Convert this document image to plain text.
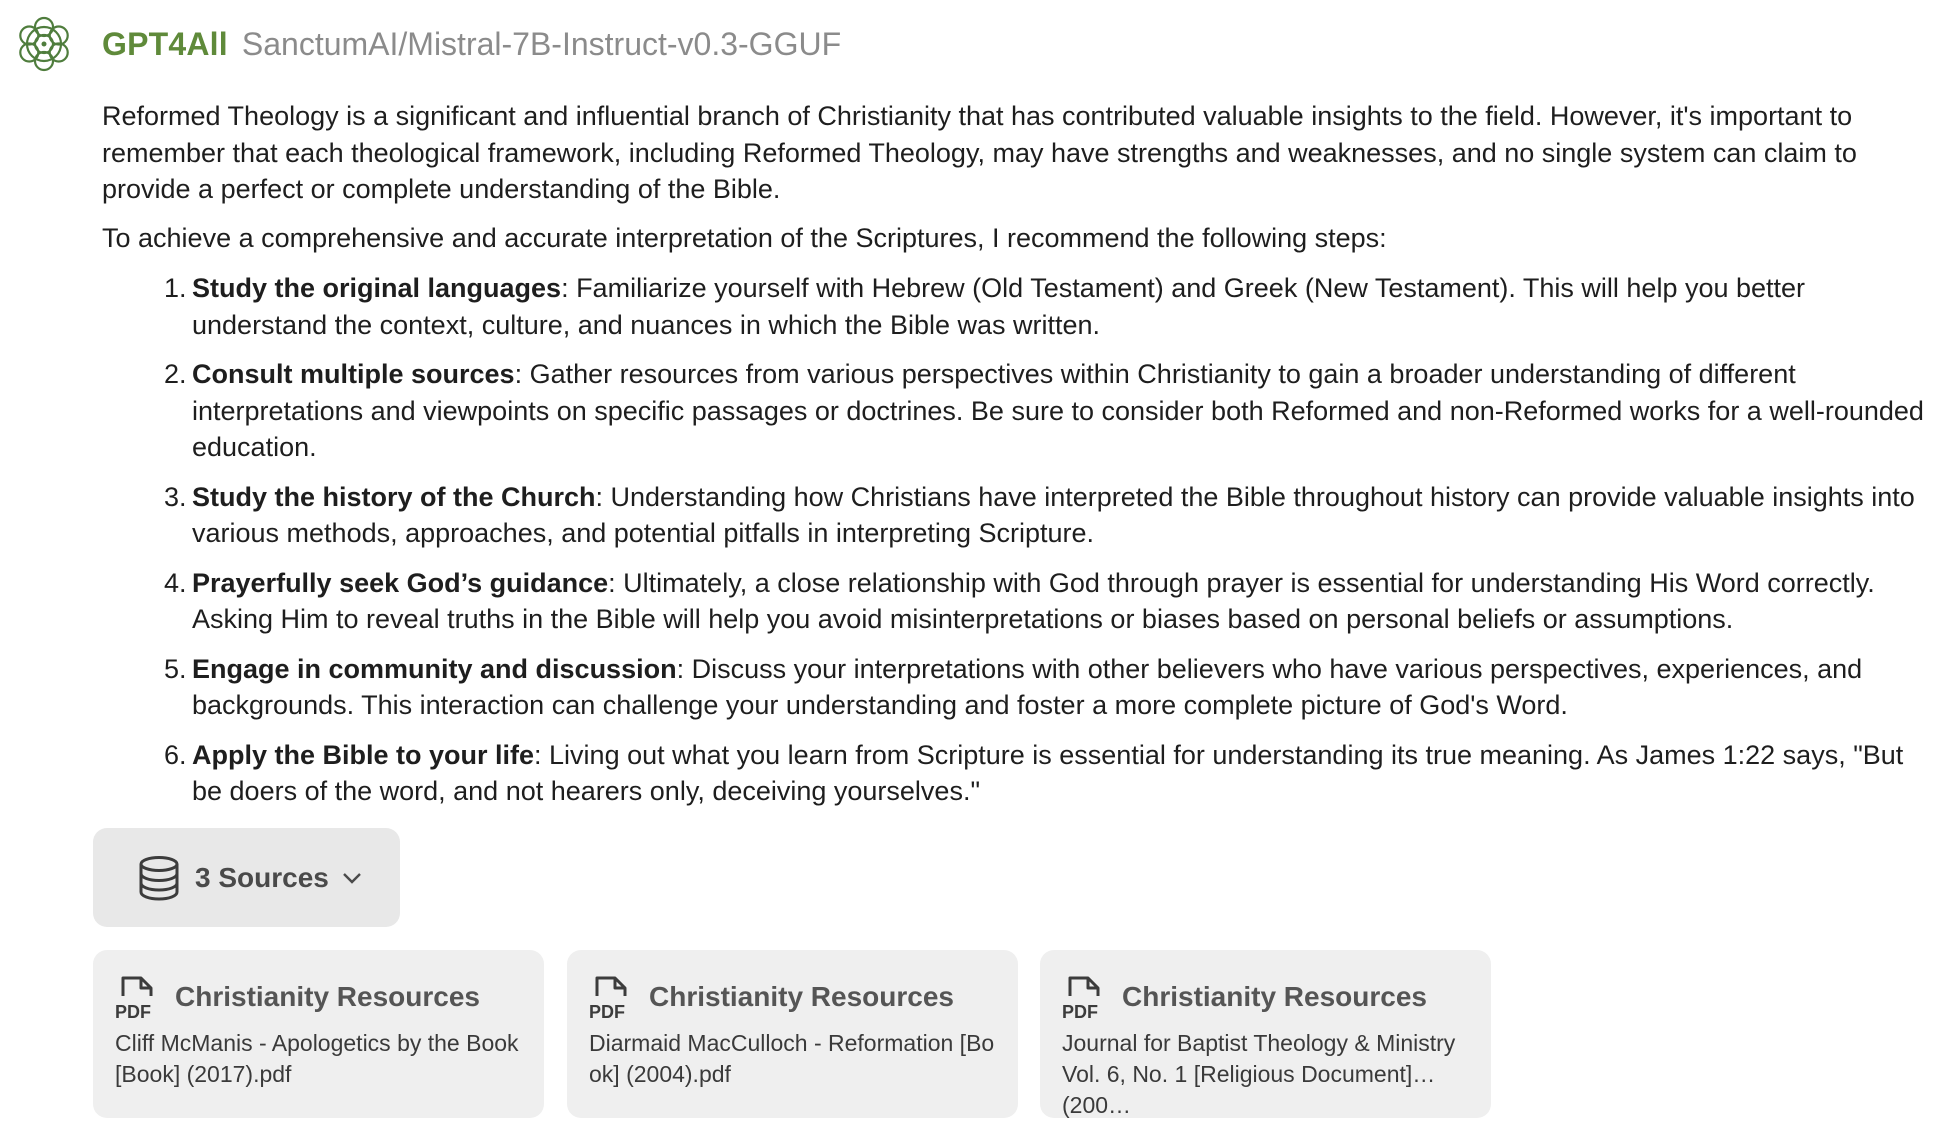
GPT4All SanctumAI/Mistral-7B-Instruct-v0.3-GGUF

Reformed Theology is a significant and influential branch of Christianity that has contributed valuable insights to the field. However, it's important to remember that each theological framework, including Reformed Theology, may have strengths and weaknesses, and no single system can claim to provide a perfect or complete understanding of the Bible.

To achieve a comprehensive and accurate interpretation of the Scriptures, I recommend the following steps:

1. Study the original languages: Familiarize yourself with Hebrew (Old Testament) and Greek (New Testament). This will help you better understand the context, culture, and nuances in which the Bible was written.
2. Consult multiple sources: Gather resources from various perspectives within Christianity to gain a broader understanding of different interpretations and viewpoints on specific passages or doctrines. Be sure to consider both Reformed and non-Reformed works for a well-rounded education.
3. Study the history of the Church: Understanding how Christians have interpreted the Bible throughout history can provide valuable insights into various methods, approaches, and potential pitfalls in interpreting Scripture.
4. Prayerfully seek God’s guidance: Ultimately, a close relationship with God through prayer is essential for understanding His Word correctly. Asking Him to reveal truths in the Bible will help you avoid misinterpretations or biases based on personal beliefs or assumptions.
5. Engage in community and discussion: Discuss your interpretations with other believers who have various perspectives, experiences, and backgrounds. This interaction can challenge your understanding and foster a more complete picture of God's Word.
6. Apply the Bible to your life: Living out what you learn from Scripture is essential for understanding its true meaning. As James 1:22 says, "But be doers of the word, and not hearers only, deceiving yourselves."
3 Sources
PDF Christianity Resources
Cliff McManis - Apologetics by the Book [Book] (2017).pdf
PDF Christianity Resources
Diarmaid MacCulloch - Reformation [Book] (2004).pdf
PDF Christianity Resources
Journal for Baptist Theology & Ministry Vol. 6, No. 1 [Religious Document] (200…
